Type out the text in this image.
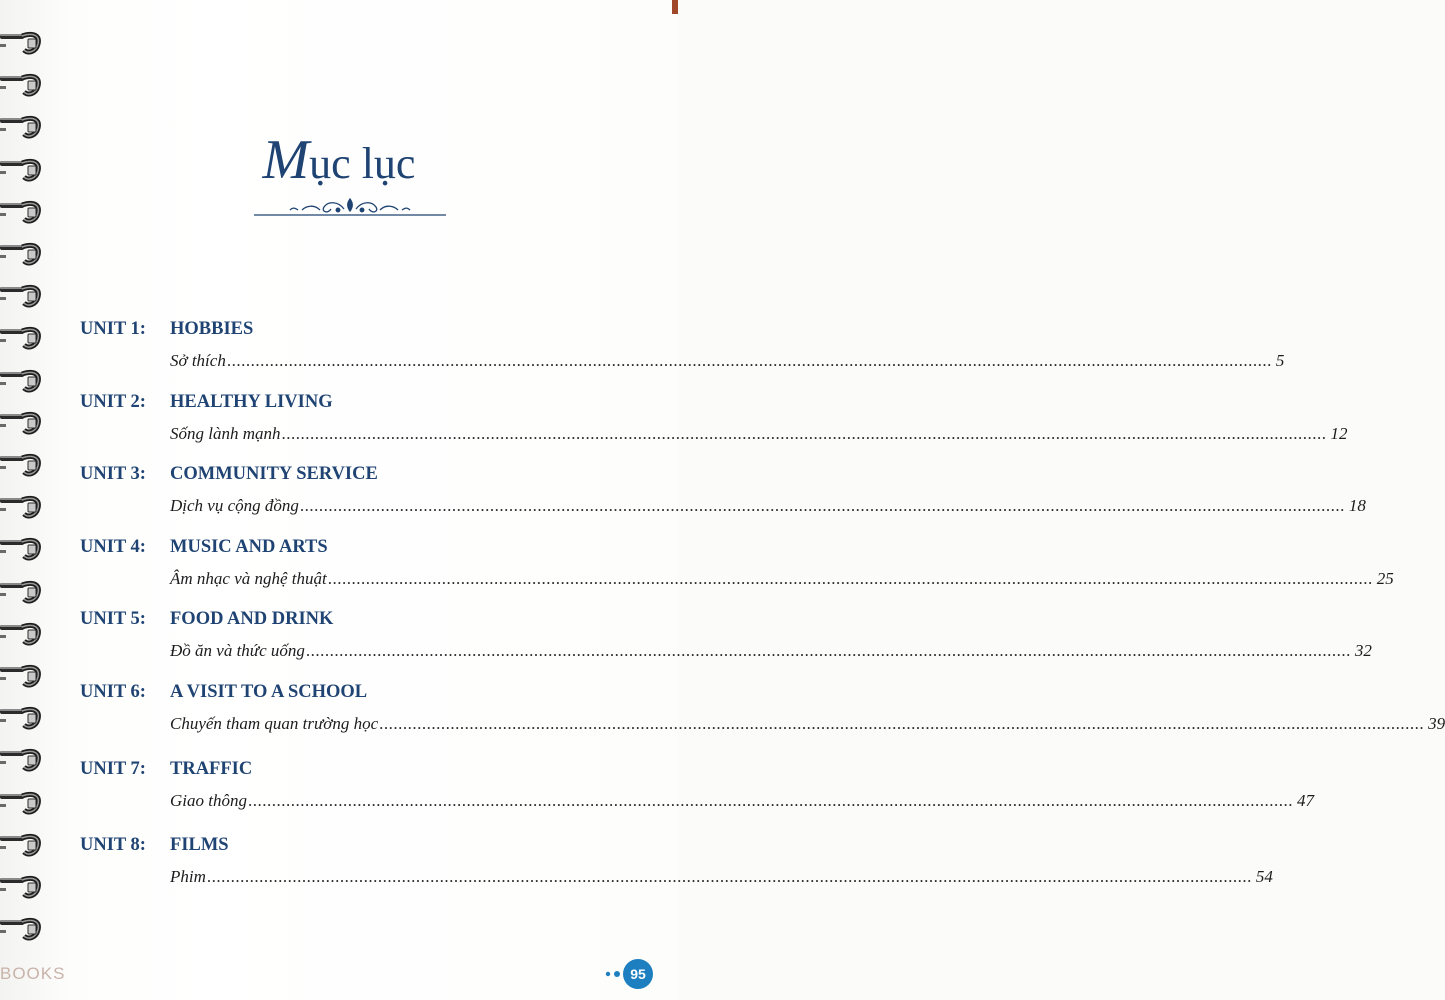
Mục lục
UNIT 1:	HOBBIES
Sở thích ............................................................................................................................................................................................................................ 5
UNIT 2:	HEALTHY LIVING
Sống lành mạnh ............................................................................................................................................................................................................................ 12
UNIT 3:	COMMUNITY SERVICE
Dịch vụ cộng đồng ............................................................................................................................................................................................................................ 18
UNIT 4:	MUSIC AND ARTS
Âm nhạc và nghệ thuật ............................................................................................................................................................................................................................ 25
UNIT 5:	FOOD AND DRINK
Đồ ăn và thức uống ............................................................................................................................................................................................................................ 32
UNIT 6:	A VISIT TO A SCHOOL
Chuyến tham quan trường học ............................................................................................................................................................................................................................ 39
UNIT 7:	TRAFFIC
Giao thông ............................................................................................................................................................................................................................ 47
UNIT 8:	FILMS
Phim ............................................................................................................................................................................................................................ 54
BOOKS	95
